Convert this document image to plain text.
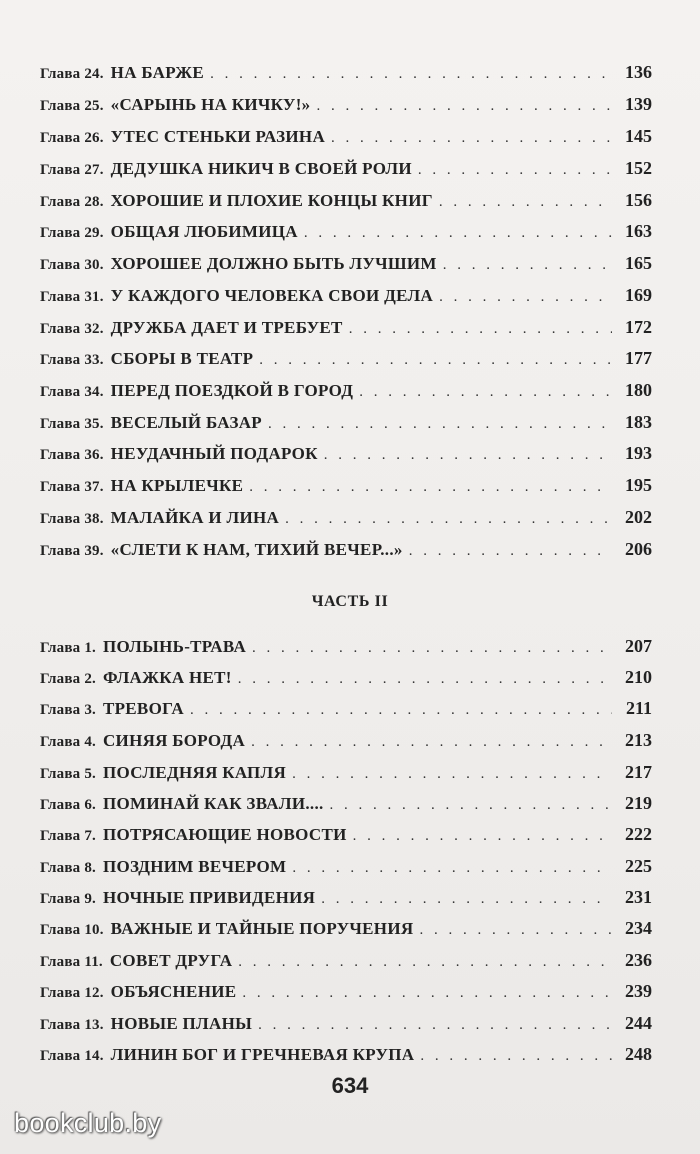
Глава 24. НА БАРЖЕ . . .	136
Глава 25. «САРЫНЬ НА КИЧКУ!» . . .	139
Глава 26. УТЕС СТЕНЬКИ РАЗИНА . . .	145
Глава 27. ДЕДУШКА НИКИЧ В СВОЕЙ РОЛИ . . .	152
Глава 28. ХОРОШИЕ И ПЛОХИЕ КОНЦЫ КНИГ . . .	156
Глава 29. ОБЩАЯ ЛЮБИМИЦА . . .	163
Глава 30. ХОРОШЕЕ ДОЛЖНО БЫТЬ ЛУЧШИМ . . .	165
Глава 31. У КАЖДОГО ЧЕЛОВЕКА СВОИ ДЕЛА . . .	169
Глава 32. ДРУЖБА ДАЕТ И ТРЕБУЕТ . . .	172
Глава 33. СБОРЫ В ТЕАТР . . .	177
Глава 34. ПЕРЕД ПОЕЗДКОЙ В ГОРОД . . .	180
Глава 35. ВЕСЕЛЫЙ БАЗАР . . .	183
Глава 36. НЕУДАЧНЫЙ ПОДАРОК . . .	193
Глава 37. НА КРЫЛЕЧКЕ . . .	195
Глава 38. МАЛАЙКА И ЛИНА . . .	202
Глава 39. «СЛЕТИ К НАМ, ТИХИЙ ВЕЧЕР...» . . .	206
ЧАСТЬ II
Глава 1. ПОЛЫНЬ-ТРАВА . . .	207
Глава 2. ФЛАЖКА НЕТ! . . .	210
Глава 3. ТРЕВОГА . . .	211
Глава 4. СИНЯЯ БОРОДА . . .	213
Глава 5. ПОСЛЕДНЯЯ КАПЛЯ . . .	217
Глава 6. ПОМИНАЙ КАК ЗВАЛИ.... . . .	219
Глава 7. ПОТРЯСАЮЩИЕ НОВОСТИ . . .	222
Глава 8. ПОЗДНИМ ВЕЧЕРОМ . . .	225
Глава 9. НОЧНЫЕ ПРИВИДЕНИЯ . . .	231
Глава 10. ВАЖНЫЕ И ТАЙНЫЕ ПОРУЧЕНИЯ . . .	234
Глава 11. СОВЕТ ДРУГА . . .	236
Глава 12. ОБЪЯСНЕНИЕ . . .	239
Глава 13. НОВЫЕ ПЛАНЫ . . .	244
Глава 14. ЛИНИН БОГ И ГРЕЧНЕВАЯ КРУПА . . .	248
634
bookclub.by
